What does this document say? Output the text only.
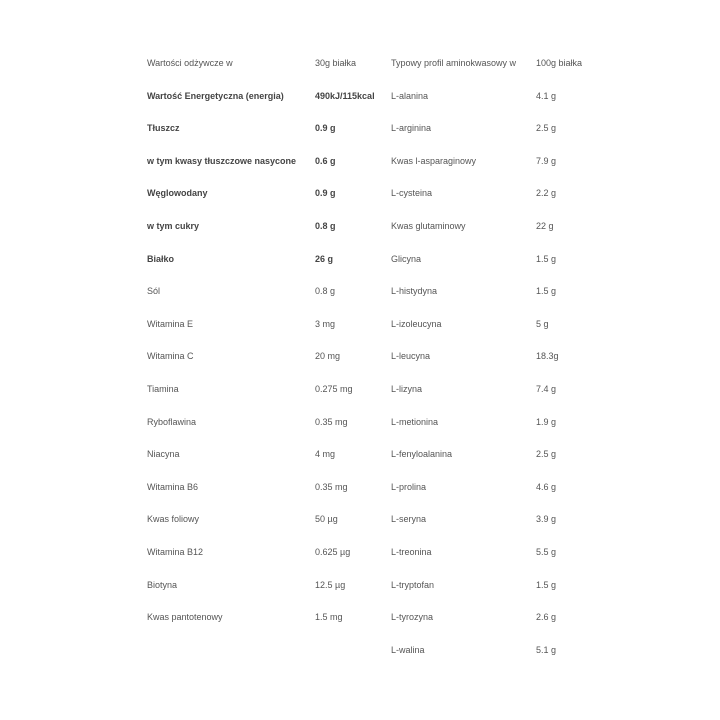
Wartości odżywcze w	30g białka	Typowy profil aminokwasowy w 100g białka
Wartość Energetyczna (energia)	490kJ/115kcal L-alanina	4.1 g
Tłuszcz	0.9 g	L-arginina	2.5 g
w tym kwasy tłuszczowe nasycone 0.6 g	Kwas l-asparaginowy	7.9 g
Węglowodany	0.9 g	L-cysteina	2.2 g
w tym cukry	0.8 g	Kwas glutaminowy	22 g
Białko	26 g	Glicyna	1.5 g
Sól	0.8 g	L-histydyna	1.5 g
Witamina E	3 mg	L-izoleucyna	5 g
Witamina C	20 mg	L-leucyna	18.3g
Tiamina	0.275 mg	L-lizyna	7.4 g
Ryboflawina	0.35 mg	L-metionina	1.9 g
Niacyna	4 mg	L-fenyloalanina	2.5 g
Witamina B6	0.35 mg	L-prolina	4.6 g
Kwas foliowy	50 µg	L-seryna	3.9 g
Witamina B12	0.625 µg	L-treonina	5.5 g
Biotyna	12.5 µg	L-tryptofan	1.5 g
Kwas pantotenowy	1.5 mg	L-tyrozyna	2.6 g
L-walina	5.1 g
